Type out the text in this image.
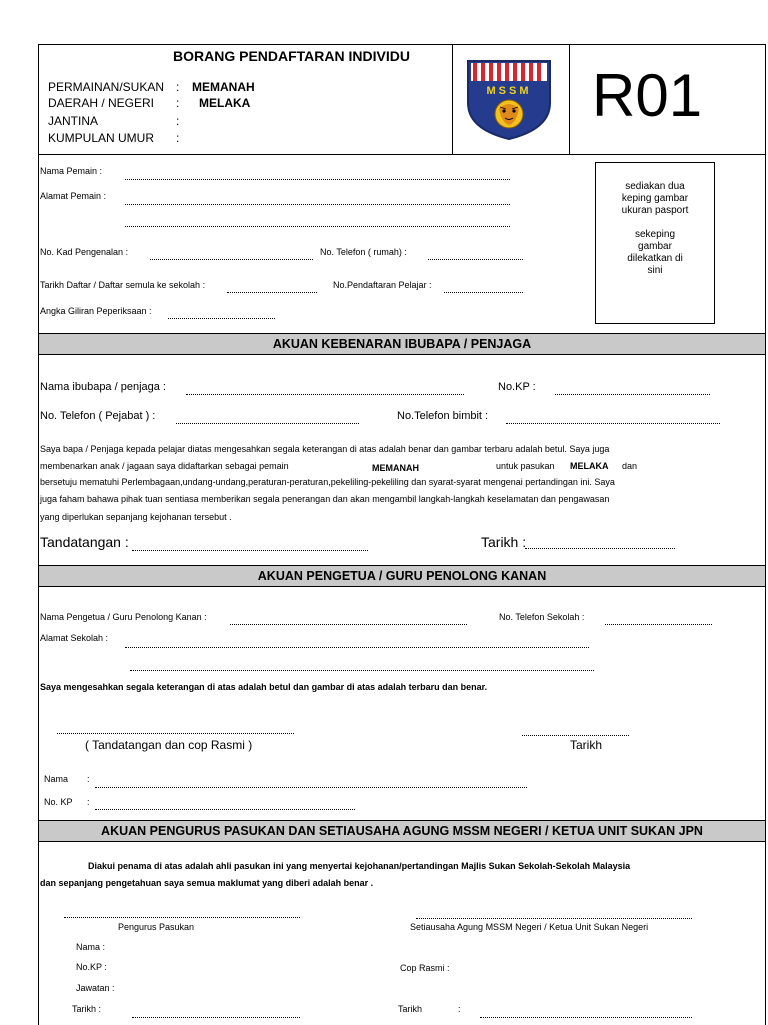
BORANG PENDAFTARAN INDIVIDU
PERMAINAN/SUKAN : MEMANAH
DAERAH / NEGERI : MELAKA
JANTINA	:
KUMPULAN UMUR :
MSSM R01
Nama Pemain :
Alamat Pemain :
No. Kad Pengenalan :	No. Telefon ( rumah) :
Tarikh Daftar / Daftar semula ke sekolah :	No.Pendaftaran Pelajar :
Angka Giliran Peperiksaan :
sediakan dua
keping gambar
ukuran pasport
sekeping
gambar
dilekatkan di
sini
AKUAN KEBENARAN IBUBAPA / PENJAGA
Nama ibubapa / penjaga :	No.KP :
No. Telefon ( Pejabat ) :	No.Telefon bimbit :
Saya bapa / Penjaga kepada pelajar diatas mengesahkan segala keterangan di atas adalah benar dan gambar terbaru adalah betul. Saya juga
membenarkan anak / jagaan saya didaftarkan sebagai pemain	MEMANAH	untuk pasukan MELAKA dan
bersetuju mematuhi Perlembagaan,undang-undang,peraturan-peraturan,pekeliling-pekeliling dan syarat-syarat mengenai pertandingan ini. Saya
juga faham bahawa pihak tuan sentiasa memberikan segala penerangan dan akan mengambil langkah-langkah keselamatan dan pengawasan
yang diperlukan sepanjang kejohanan tersebut .
Tandatangan :	Tarikh :
AKUAN PENGETUA / GURU PENOLONG KANAN
Nama Pengetua / Guru Penolong Kanan :	No. Telefon Sekolah :
Alamat Sekolah :
Saya mengesahkan segala keterangan di atas adalah betul dan gambar di atas adalah terbaru dan benar.
( Tandatangan dan cop Rasmi )	Tarikh
Nama :
No. KP :
AKUAN PENGURUS PASUKAN DAN SETIAUSAHA AGUNG MSSM NEGERI / KETUA UNIT SUKAN JPN
Diakui penama di atas adalah ahli pasukan ini yang menyertai kejohanan/pertandingan Majlis Sukan Sekolah-Sekolah Malaysia
dan sepanjang pengetahuan saya semua maklumat yang diberi adalah benar .
Pengurus Pasukan	Setiausaha Agung MSSM Negeri / Ketua Unit Sukan Negeri
Nama :
No.KP :	Cop Rasmi :
Jawatan :
Tarikh :	Tarikh	:
